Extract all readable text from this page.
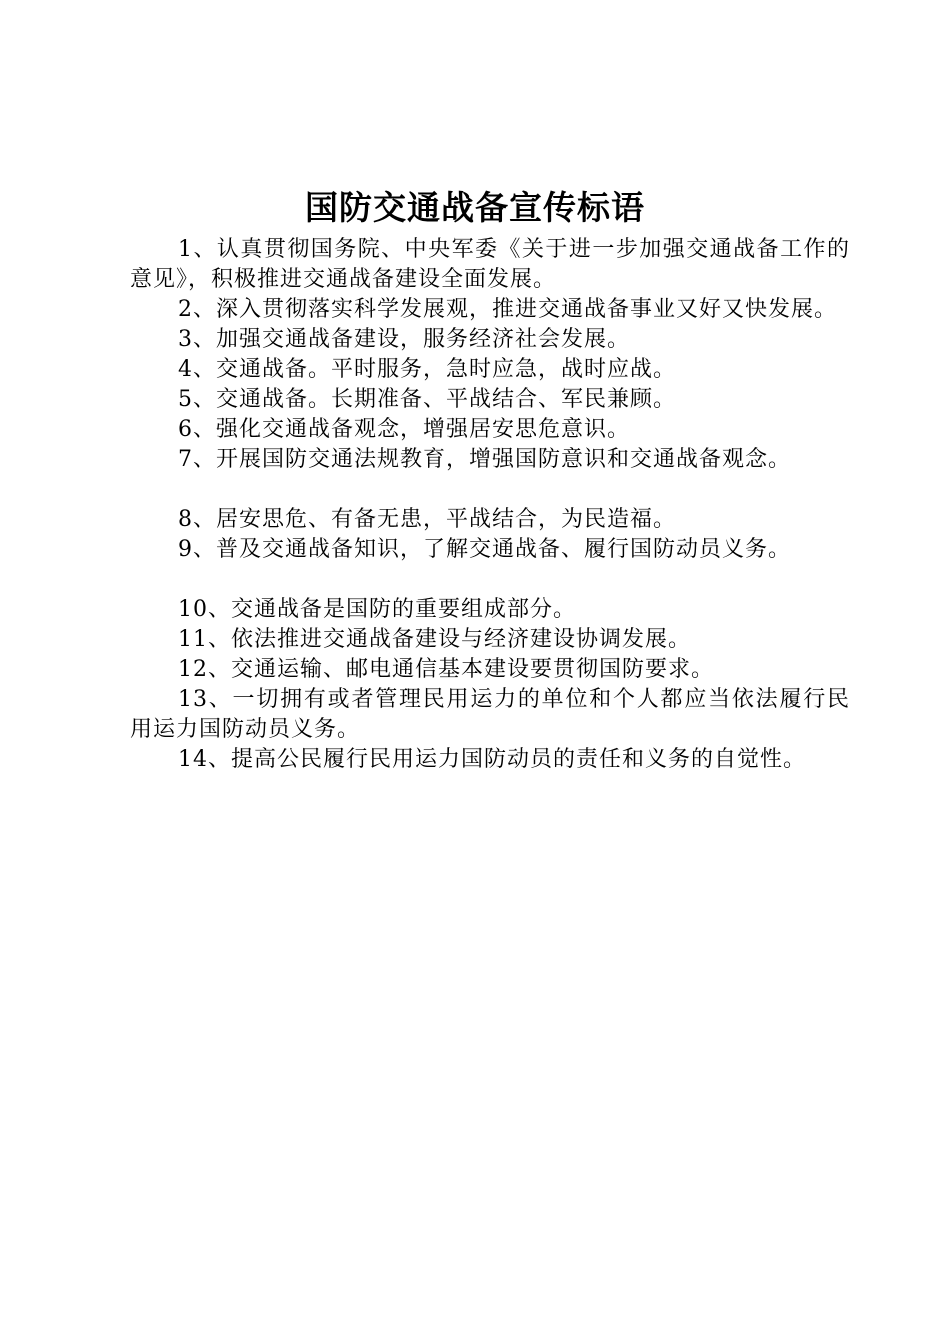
国防交通战备宣传标语

1、认真贯彻国务院、中央军委《关于进一步加强交通战备工作的意见》，积极推进交通战备建设全面发展。

2、深入贯彻落实科学发展观，推进交通战备事业又好又快发展。

3、加强交通战备建设，服务经济社会发展。

4、交通战备。平时服务，急时应急，战时应战。

5、交通战备。长期准备、平战结合、军民兼顾。

6、强化交通战备观念，增强居安思危意识。

7、开展国防交通法规教育，增强国防意识和交通战备观念。

8、居安思危、有备无患，平战结合，为民造福。

9、普及交通战备知识，了解交通战备、履行国防动员义务。

10、交通战备是国防的重要组成部分。

11、依法推进交通战备建设与经济建设协调发展。

12、交通运输、邮电通信基本建设要贯彻国防要求。

13、一切拥有或者管理民用运力的单位和个人都应当依法履行民用运力国防动员义务。

14、提高公民履行民用运力国防动员的责任和义务的自觉性。
